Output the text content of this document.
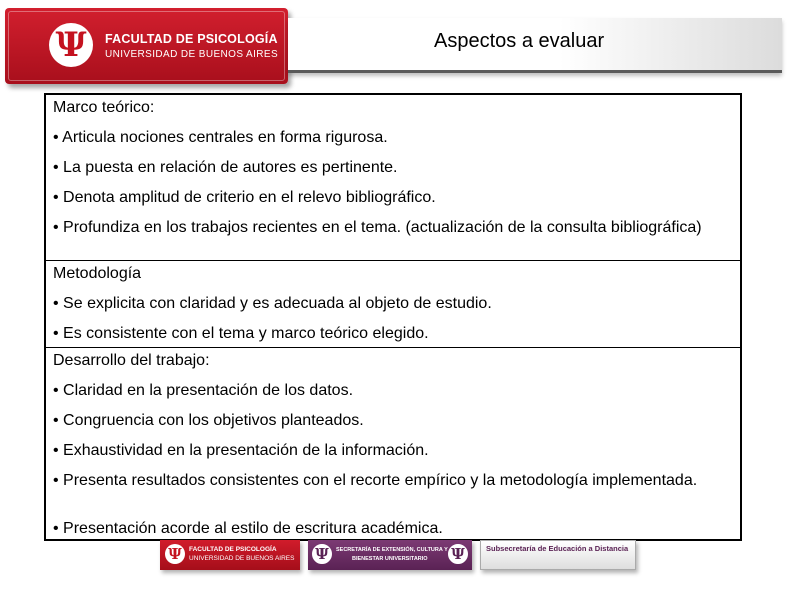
Ψ FACULTAD DE PSICOLOGÍA
UNIVERSIDAD DE BUENOS AIRES
Aspectos a evaluar
Marco teórico:
• Articula nociones centrales en forma rigurosa.
• La puesta en relación de autores es pertinente.
• Denota amplitud de criterio en el relevo bibliográfico.
• Profundiza en los trabajos recientes en el tema. (actualización de la consulta bibliográfica)
Metodología
• Se explicita con claridad y es adecuada al objeto de estudio.
• Es consistente con el tema y marco teórico elegido.
Desarrollo del trabajo:
• Claridad en la presentación de los datos.
• Congruencia con los objetivos planteados.
• Exhaustividad en la presentación de la información.
• Presenta resultados consistentes con el recorte empírico y la metodología implementada.
• Presentación acorde al estilo de escritura académica.
Ψ FACULTAD DE PSICOLOGÍA
UNIVERSIDAD DE BUENOS AIRES Ψ SECRETARÍA DE EXTENSIÓN, CULTURA Y
BIENESTAR UNIVERSITARIO Ψ	Subsecretaría de Educación a Distancia
